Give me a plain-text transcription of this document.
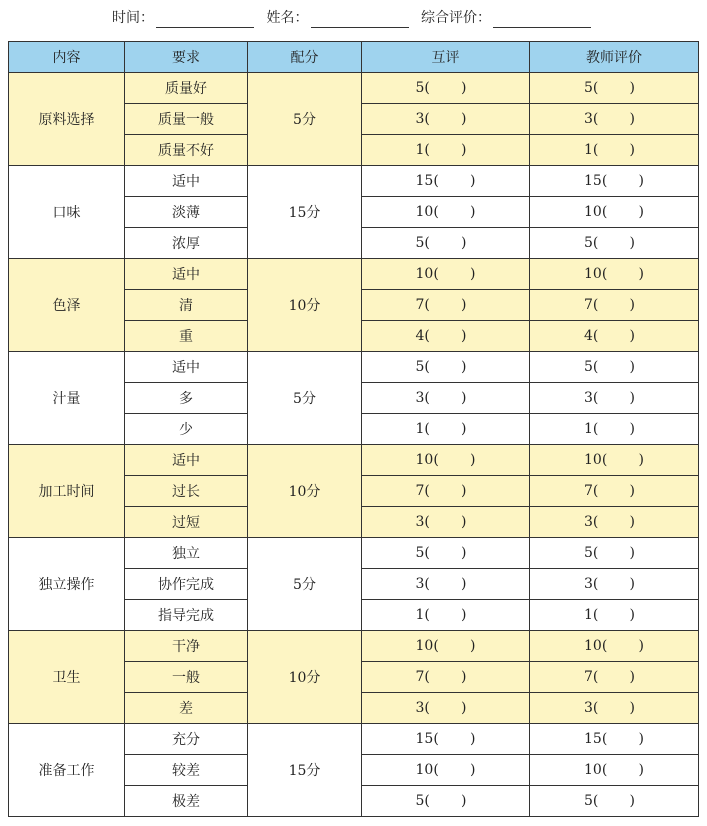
时间：	姓名：	综合评价：
内容	要求	配分	互评	教师评价
原料选择	质量好	5分	5(       )	5(       )
	质量一般		3(       )	3(       )
	质量不好		1(       )	1(       )
口味	适中	15分	15(       )	15(       )
	淡薄		10(       )	10(       )
	浓厚		5(       )	5(       )
色泽	适中	10分	10(       )	10(       )
	清		7(       )	7(       )
	重		4(       )	4(       )
汁量	适中	5分	5(       )	5(       )
	多		3(       )	3(       )
	少		1(       )	1(       )
加工时间	适中	10分	10(       )	10(       )
	过长		7(       )	7(       )
	过短		3(       )	3(       )
独立操作	独立	5分	5(       )	5(       )
	协作完成		3(       )	3(       )
	指导完成		1(       )	1(       )
卫生	干净	10分	10(       )	10(       )
	一般		7(       )	7(       )
	差		3(       )	3(       )
准备工作	充分	15分	15(       )	15(       )
	较差		10(       )	10(       )
	极差		5(       )	5(       )
